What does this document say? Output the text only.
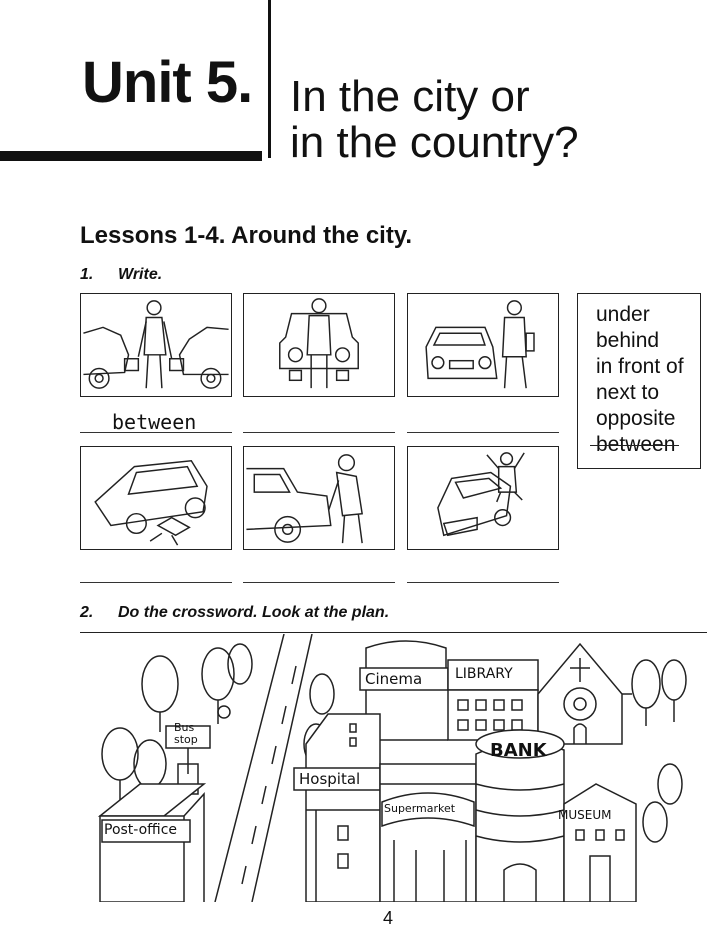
Unit 5. In the city or
in the country?
Lessons 1-4. Around the city.
1. Write.
between
under
behind
in front of
next to
opposite
between
2. Do the crossword. Look at the plan.
Cinema LIBRARY
Bus
stop
Hospital
BANK
Supermarket	MUSEUM
Post-office
4
